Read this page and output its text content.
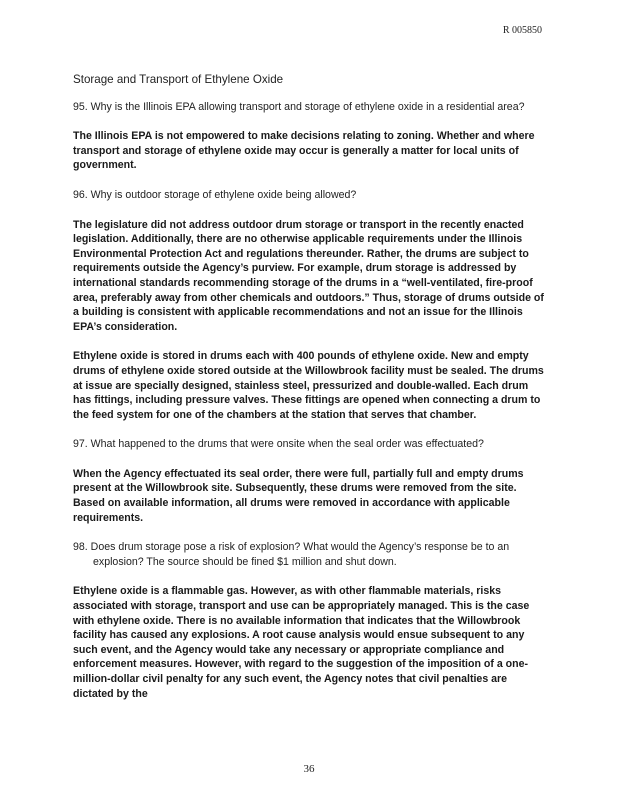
R 005850
Storage and Transport of Ethylene Oxide

95. Why is the Illinois EPA allowing transport and storage of ethylene oxide in a residential area?

The Illinois EPA is not empowered to make decisions relating to zoning. Whether and where transport and storage of ethylene oxide may occur is generally a matter for local units of government.

96. Why is outdoor storage of ethylene oxide being allowed?

The legislature did not address outdoor drum storage or transport in the recently enacted legislation. Additionally, there are no otherwise applicable requirements under the Illinois Environmental Protection Act and regulations thereunder. Rather, the drums are subject to requirements outside the Agency’s purview. For example, drum storage is addressed by international standards recommending storage of the drums in a “well-ventilated, fire-proof area, preferably away from other chemicals and outdoors.” Thus, storage of drums outside of a building is consistent with applicable recommendations and not an issue for the Illinois EPA’s consideration.

Ethylene oxide is stored in drums each with 400 pounds of ethylene oxide. New and empty drums of ethylene oxide stored outside at the Willowbrook facility must be sealed. The drums at issue are specially designed, stainless steel, pressurized and double-walled. Each drum has fittings, including pressure valves. These fittings are opened when connecting a drum to the feed system for one of the chambers at the station that serves that chamber.

97. What happened to the drums that were onsite when the seal order was effectuated?

When the Agency effectuated its seal order, there were full, partially full and empty drums present at the Willowbrook site. Subsequently, these drums were removed from the site. Based on available information, all drums were removed in accordance with applicable requirements.

98. Does drum storage pose a risk of explosion? What would the Agency’s response be to an explosion? The source should be fined $1 million and shut down.

Ethylene oxide is a flammable gas. However, as with other flammable materials, risks associated with storage, transport and use can be appropriately managed. This is the case with ethylene oxide. There is no available information that indicates that the Willowbrook facility has caused any explosions. A root cause analysis would ensue subsequent to any such event, and the Agency would take any necessary or appropriate compliance and enforcement measures. However, with regard to the suggestion of the imposition of a one-million-dollar civil penalty for any such event, the Agency notes that civil penalties are dictated by the

36
